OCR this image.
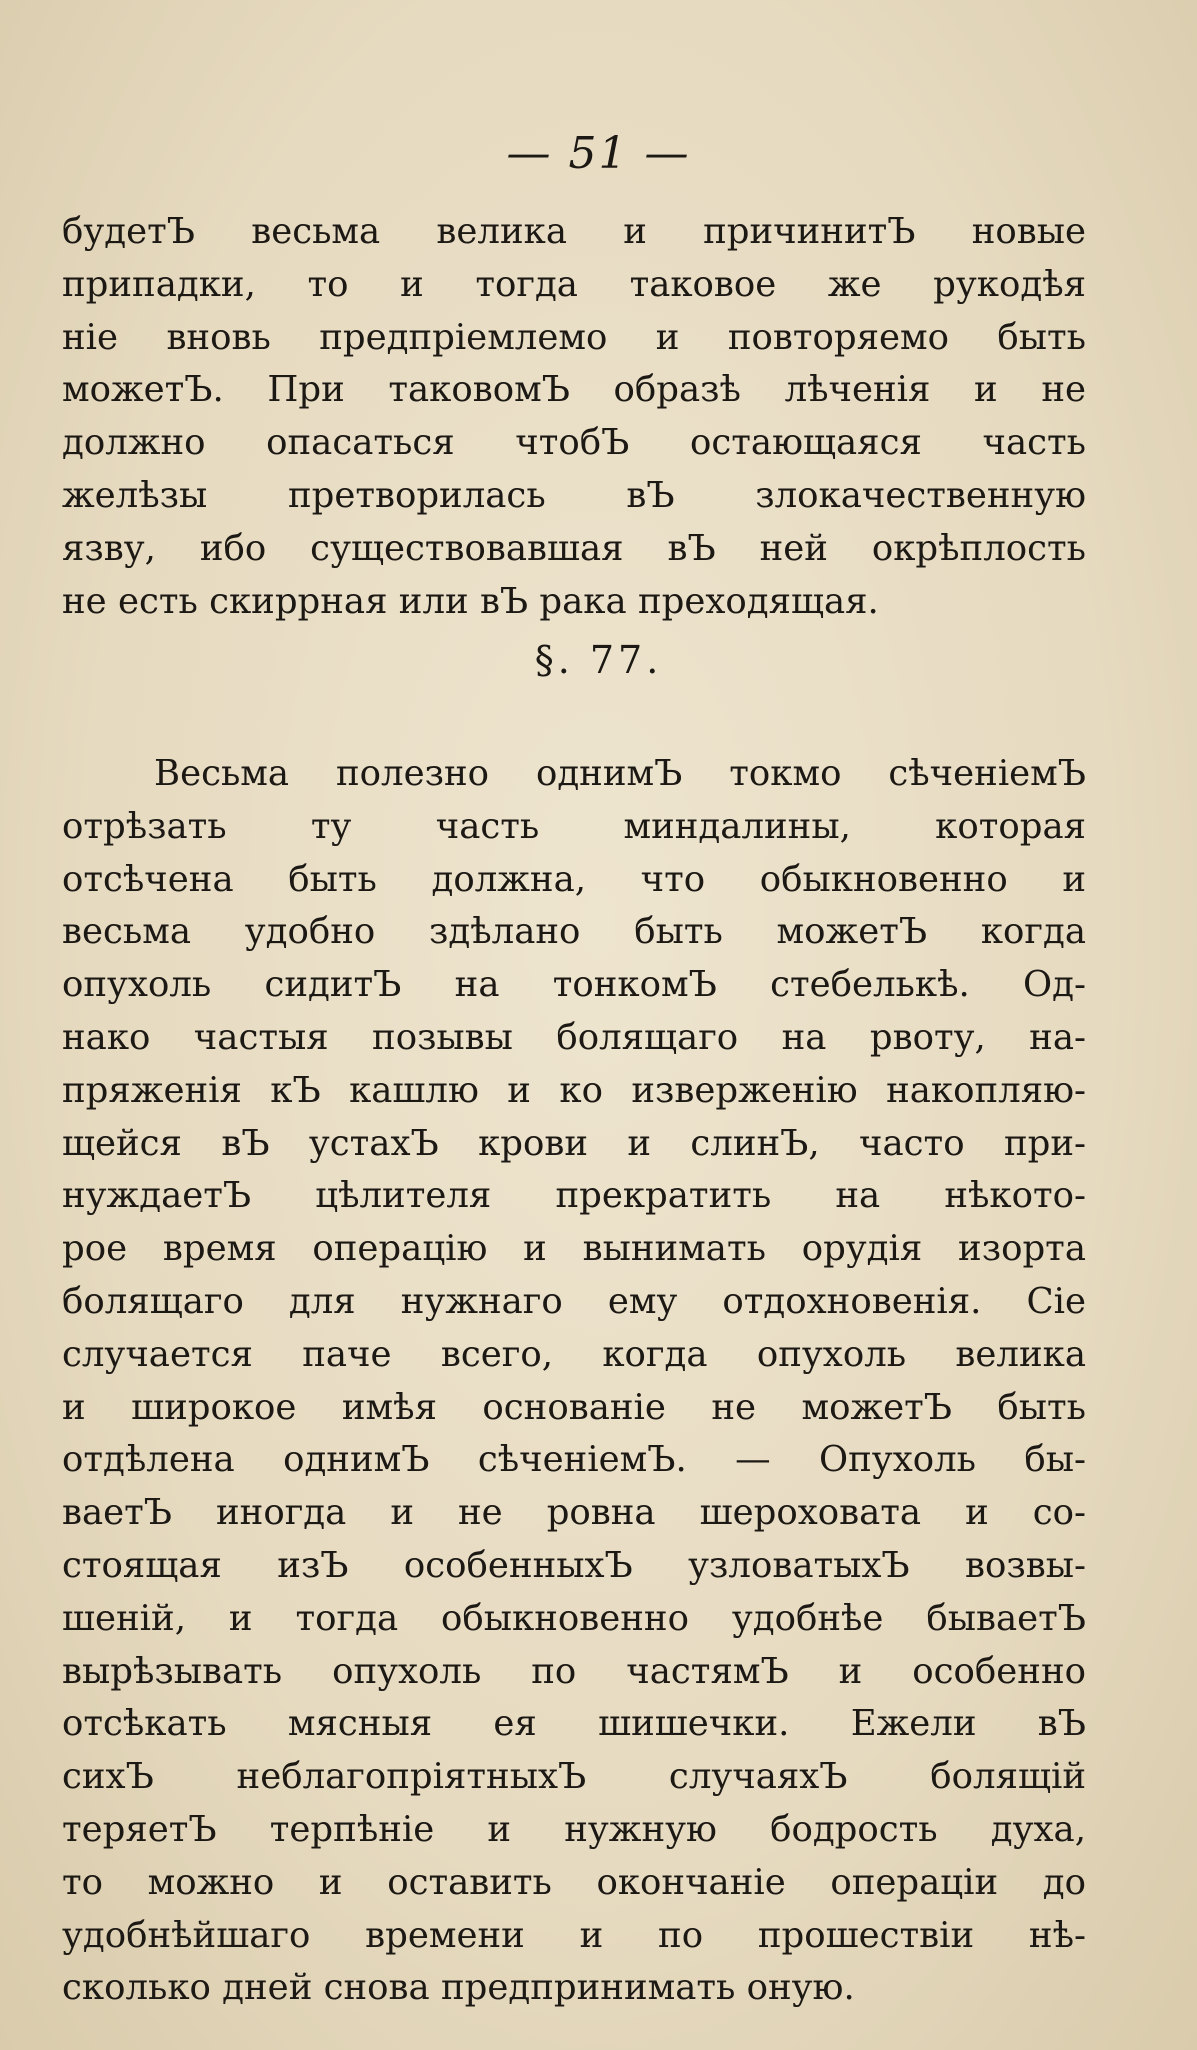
— 51 —
будетЪ весьма велика и причинитЪ новые
припадки, то и тогда таковое же рукодѣя
нiе вновь предпрiемлемо и повторяемо быть
можетЪ. При таковомЪ образѣ лѣченiя и не
должно опасаться чтобЪ остающаяся часть
желѣзы претворилась вЪ злокачественную
язву, ибо существовавшая вЪ ней окрѣплость
не есть скиррная или вЪ рака преходящая.
§. 77.
Весьма полезно однимЪ токмо сѣченiемЪ
отрѣзать ту часть миндалины, которая
отсѣчена быть должна, что обыкновенно и
весьма удобно здѣлано быть можетЪ когда
опухоль сидитЪ на тонкомЪ стебелькѣ. Од-
нако частыя позывы болящаго на рвоту, на-
пряженiя кЪ кашлю и ко изверженiю накопляю-
щейся вЪ устахЪ крови и слинЪ, часто при-
нуждаетЪ цѣлителя прекратить на нѣкото-
рое время операцiю и вынимать орудiя изорта
болящаго для нужнаго ему отдохновенiя. Сiе
случается паче всего, когда опухоль велика
и широкое имѣя основанiе не можетЪ быть
отдѣлена однимЪ сѣченiемЪ. — Опухоль бы-
ваетЪ иногда и не ровна шероховата и со-
стоящая изЪ особенныхЪ узловатыхЪ возвы-
шенiй, и тогда обыкновенно удобнѣе бываетЪ
вырѣзывать опухоль по частямЪ и особенно
отсѣкать мясныя ея шишечки. Ежели вЪ
сихЪ неблагопрiятныхЪ случаяхЪ болящiй
теряетЪ терпѣнiе и нужную бодрость духа,
то можно и оставить окончанiе операцiи до
удобнѣйшаго времени и по прошествiи нѣ-
сколько дней снова предпринимать оную.
